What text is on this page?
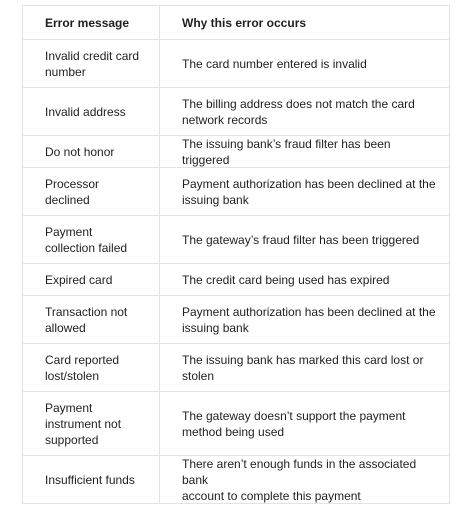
Error message	Why this error occurs
Invalid credit card
number
The card number entered is invalid
Invalid address
The billing address does not match the card
network records
Do not honor
The issuing bank’s fraud filter has been triggered
Processor
declined
Payment authorization has been declined at the
issuing bank
Payment
collection failed
The gateway’s fraud filter has been triggered
Expired card	The credit card being used has expired
Transaction not
allowed
Payment authorization has been declined at the
issuing bank
Card reported
lost/stolen
The issuing bank has marked this card lost or
stolen
Payment
instrument not
supported
The gateway doesn’t support the payment
method being used
Insufficient funds
There aren’t enough funds in the associated bank
account to complete this payment
